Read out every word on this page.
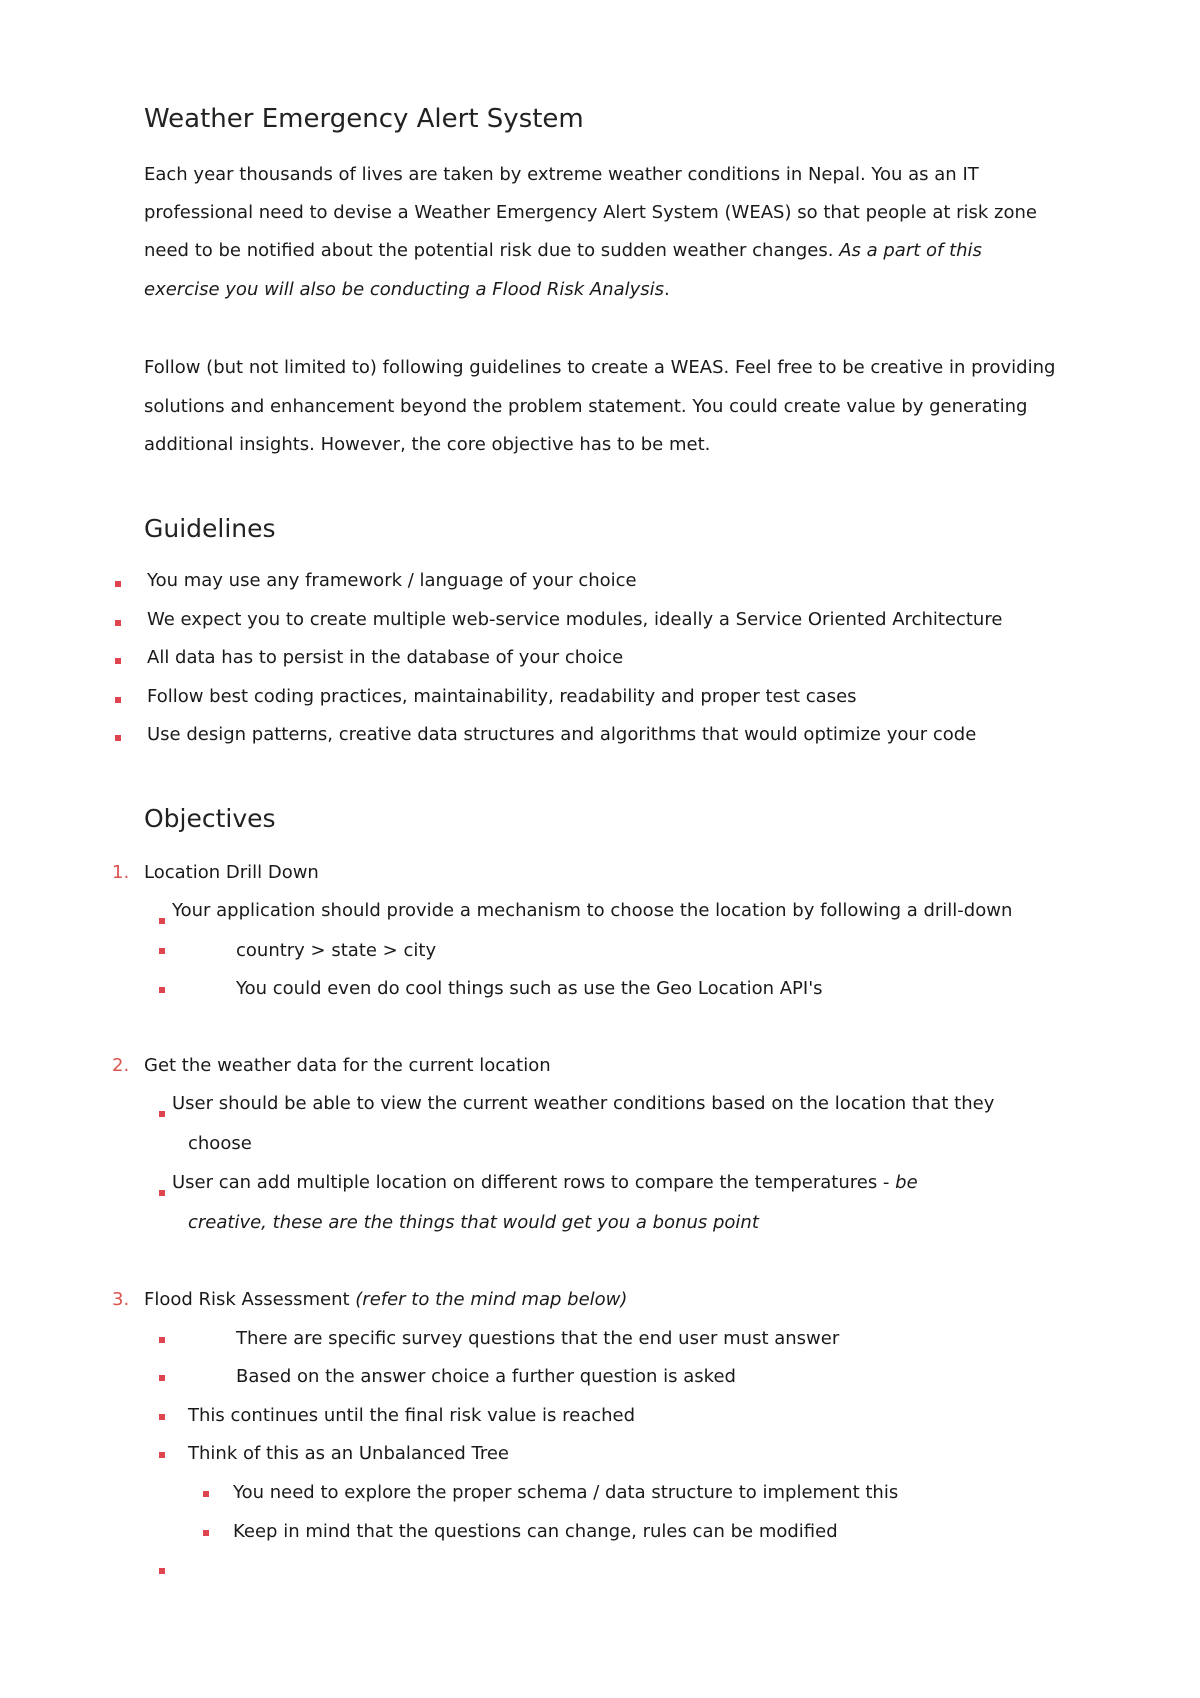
Weather Emergency Alert System
Each year thousands of lives are taken by extreme weather conditions in Nepal. You as an IT
professional need to devise a Weather Emergency Alert System (WEAS) so that people at risk zone
need to be notified about the potential risk due to sudden weather changes. As a part of this
exercise you will also be conducting a Flood Risk Analysis.
Follow (but not limited to) following guidelines to create a WEAS. Feel free to be creative in providing
solutions and enhancement beyond the problem statement. You could create value by generating
additional insights. However, the core objective has to be met.
Guidelines
You may use any framework / language of your choice
We expect you to create multiple web-service modules, ideally a Service Oriented Architecture
All data has to persist in the database of your choice
Follow best coding practices, maintainability, readability and proper test cases
Use design patterns, creative data structures and algorithms that would optimize your code
Objectives
1. Location Drill Down
Your application should provide a mechanism to choose the location by following a drill-down
country > state > city
You could even do cool things such as use the Geo Location API's
2. Get the weather data for the current location
User should be able to view the current weather conditions based on the location that they
choose
User can add multiple location on different rows to compare the temperatures - be
creative, these are the things that would get you a bonus point
3. Flood Risk Assessment (refer to the mind map below)
There are specific survey questions that the end user must answer
Based on the answer choice a further question is asked
This continues until the final risk value is reached
Think of this as an Unbalanced Tree
You need to explore the proper schema / data structure to implement this
Keep in mind that the questions can change, rules can be modified
